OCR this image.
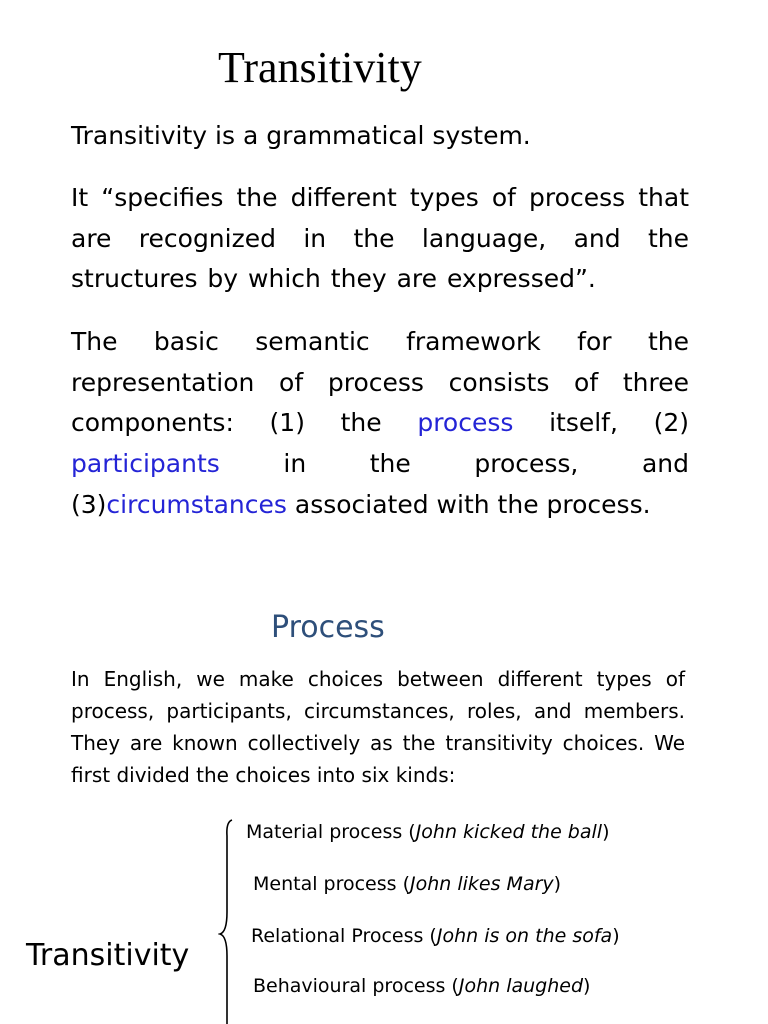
Transitivity

Transitivity is a grammatical system.

It “specifies the different types of process that are recognized in the language, and the structures by which they are expressed”.

The basic semantic framework for the representation of process consists of three components: (1) the process itself, (2) participants in the process, and (3)circumstances associated with the process.

Process

In English, we make choices between different types of process, participants, circumstances, roles, and members. They are known collectively as the transitivity choices. We first divided the choices into six kinds:

Transitivity
Material process (John kicked the ball)
Mental process (John likes Mary)
Relational Process (John is on the sofa)
Behavioural process (John laughed)
